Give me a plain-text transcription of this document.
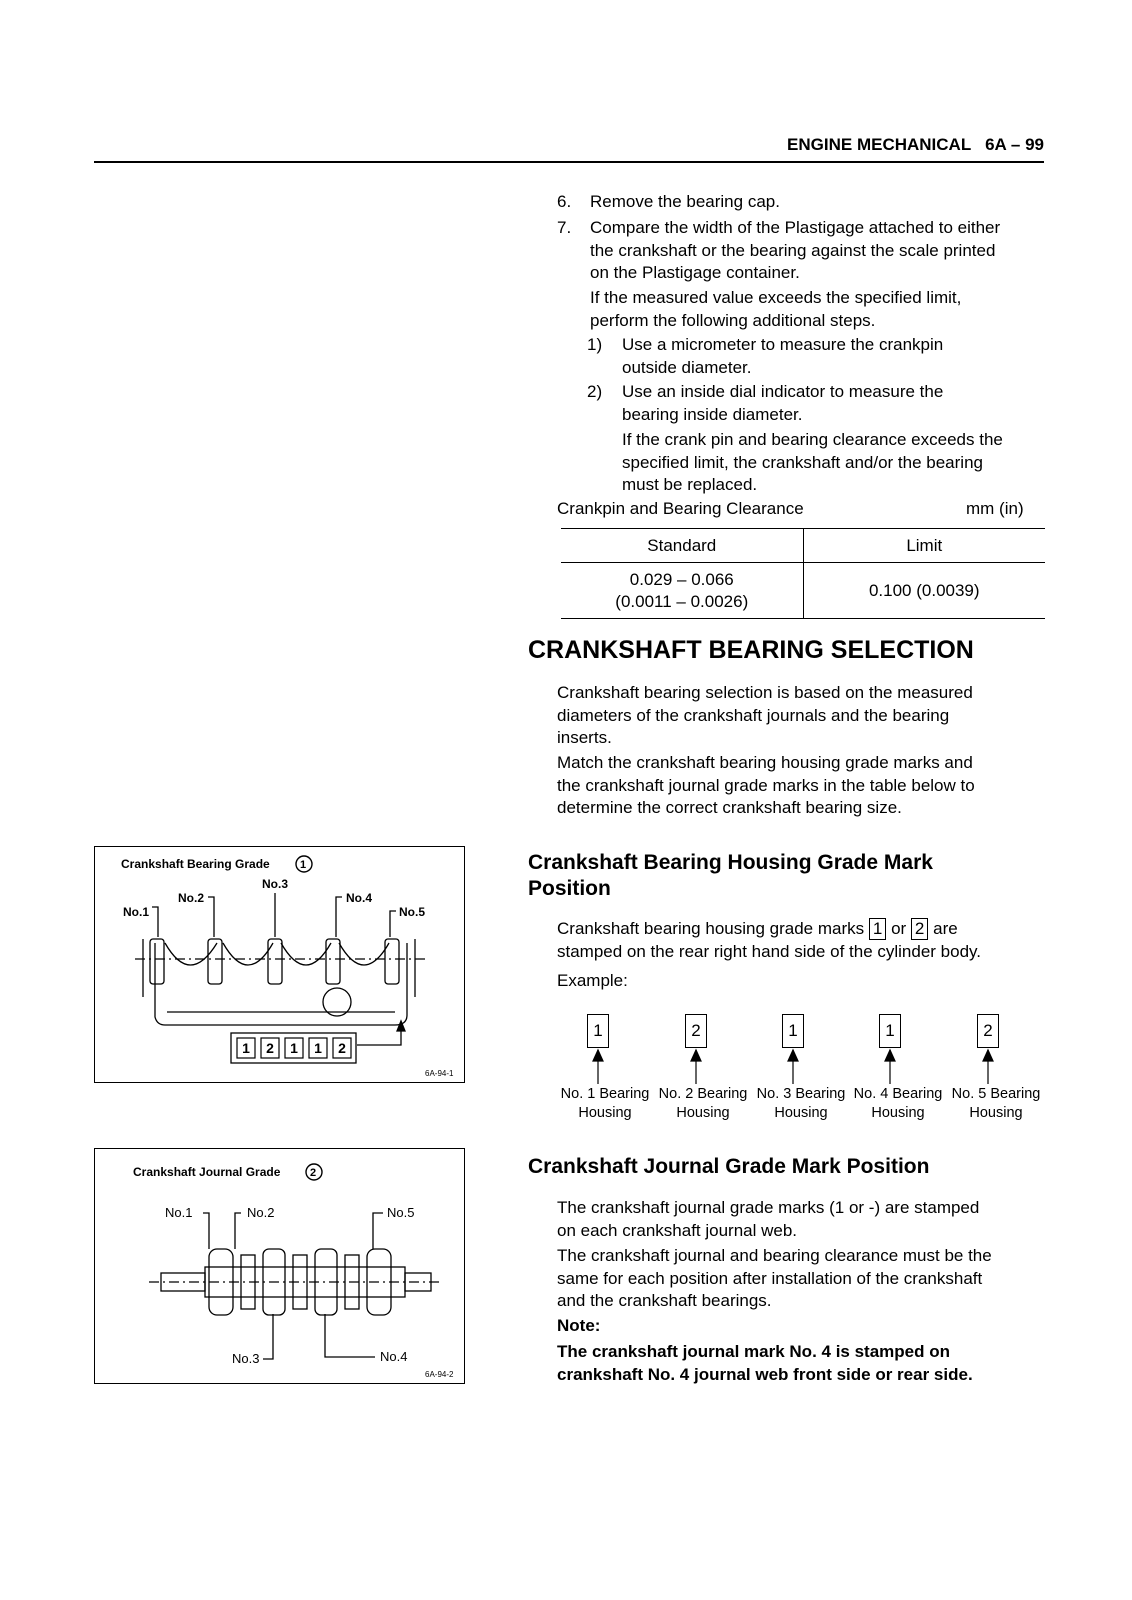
ENGINE MECHANICAL   6A – 99
6. Remove the bearing cap.
7. Compare the width of the Plastigage attached to either
the crankshaft or the bearing against the scale printed
on the Plastigage container.
If the measured value exceeds the specified limit,
perform the following additional steps.
1) Use a micrometer to measure the crankpin
outside diameter.
2) Use an inside dial indicator to measure the
bearing inside diameter.
If the crank pin and bearing clearance exceeds the
specified limit, the crankshaft and/or the bearing
must be replaced.
Crankpin and Bearing Clearance	mm (in)
Standard	Limit

0.029 – 0.066
(0.0011 – 0.0026)	0.100 (0.0039)
CRANKSHAFT BEARING SELECTION
Crankshaft bearing selection is based on the measured
diameters of the crankshaft journals and the bearing
inserts.
Match the crankshaft bearing housing grade marks and
the crankshaft journal grade marks in the table below to
determine the correct crankshaft bearing size.
Crankshaft Bearing Housing Grade Mark
Position
Crankshaft bearing housing grade marks 1 or 2 are
stamped on the rear right hand side of the cylinder body.
Example:
1	2	1	1	2
No. 1 Bearing
Housing
No. 2 Bearing
Housing
No. 3 Bearing
Housing
No. 4 Bearing
Housing
No. 5 Bearing
Housing
Crankshaft Journal Grade Mark Position
The crankshaft journal grade marks (1 or -) are stamped
on each crankshaft journal web.
The crankshaft journal and bearing clearance must be the
same for each position after installation of the crankshaft
and the crankshaft bearings.
Note:
The crankshaft journal mark No. 4 is stamped on
crankshaft No. 4 journal web front side or rear side.
Crankshaft Bearing Grade	1
No.1
No.2
No.3
No.4
No.5
1 2 1 1 2
6A-94-1
Crankshaft Journal Grade	2
No.1	No.2	No.5
No.3	No.4
6A-94-2
